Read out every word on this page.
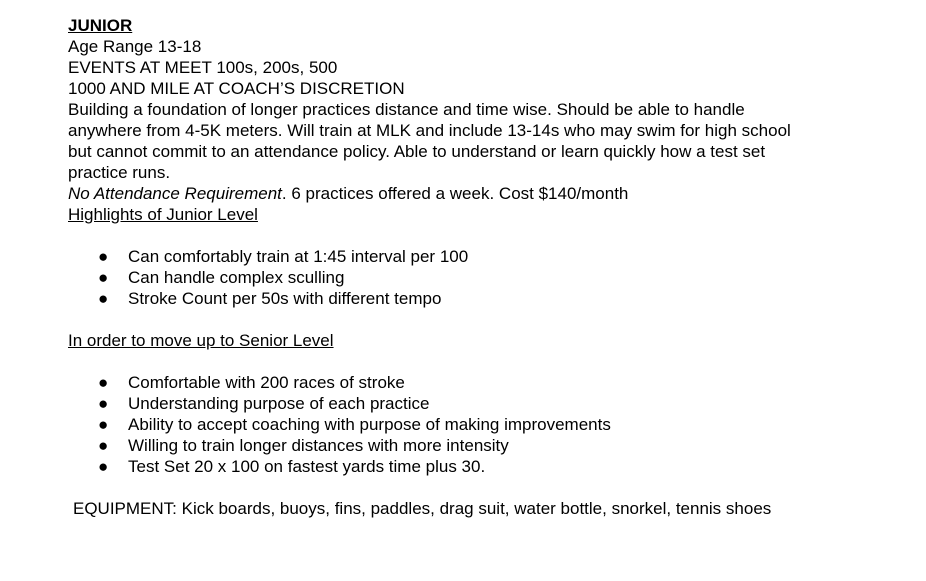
JUNIOR

Age Range 13-18

EVENTS AT MEET 100s, 200s, 500

1000 AND MILE AT COACH’S DISCRETION

Building a foundation of longer practices distance and time wise. Should be able to handle

anywhere from 4-5K meters. Will train at MLK and include 13-14s who may swim for high school

but cannot commit to an attendance policy. Able to understand or learn quickly how a test set

practice runs.

No Attendance Requirement. 6 practices offered a week. Cost $140/month

Highlights of Junior Level

● Can comfortably train at 1:45 interval per 100
● Can handle complex sculling
● Stroke Count per 50s with different tempo

In order to move up to Senior Level

● Comfortable with 200 races of stroke
● Understanding purpose of each practice
● Ability to accept coaching with purpose of making improvements
● Willing to train longer distances with more intensity
● Test Set 20 x 100 on fastest yards time plus 30.

EQUIPMENT: Kick boards, buoys, fins, paddles, drag suit, water bottle, snorkel, tennis shoes
